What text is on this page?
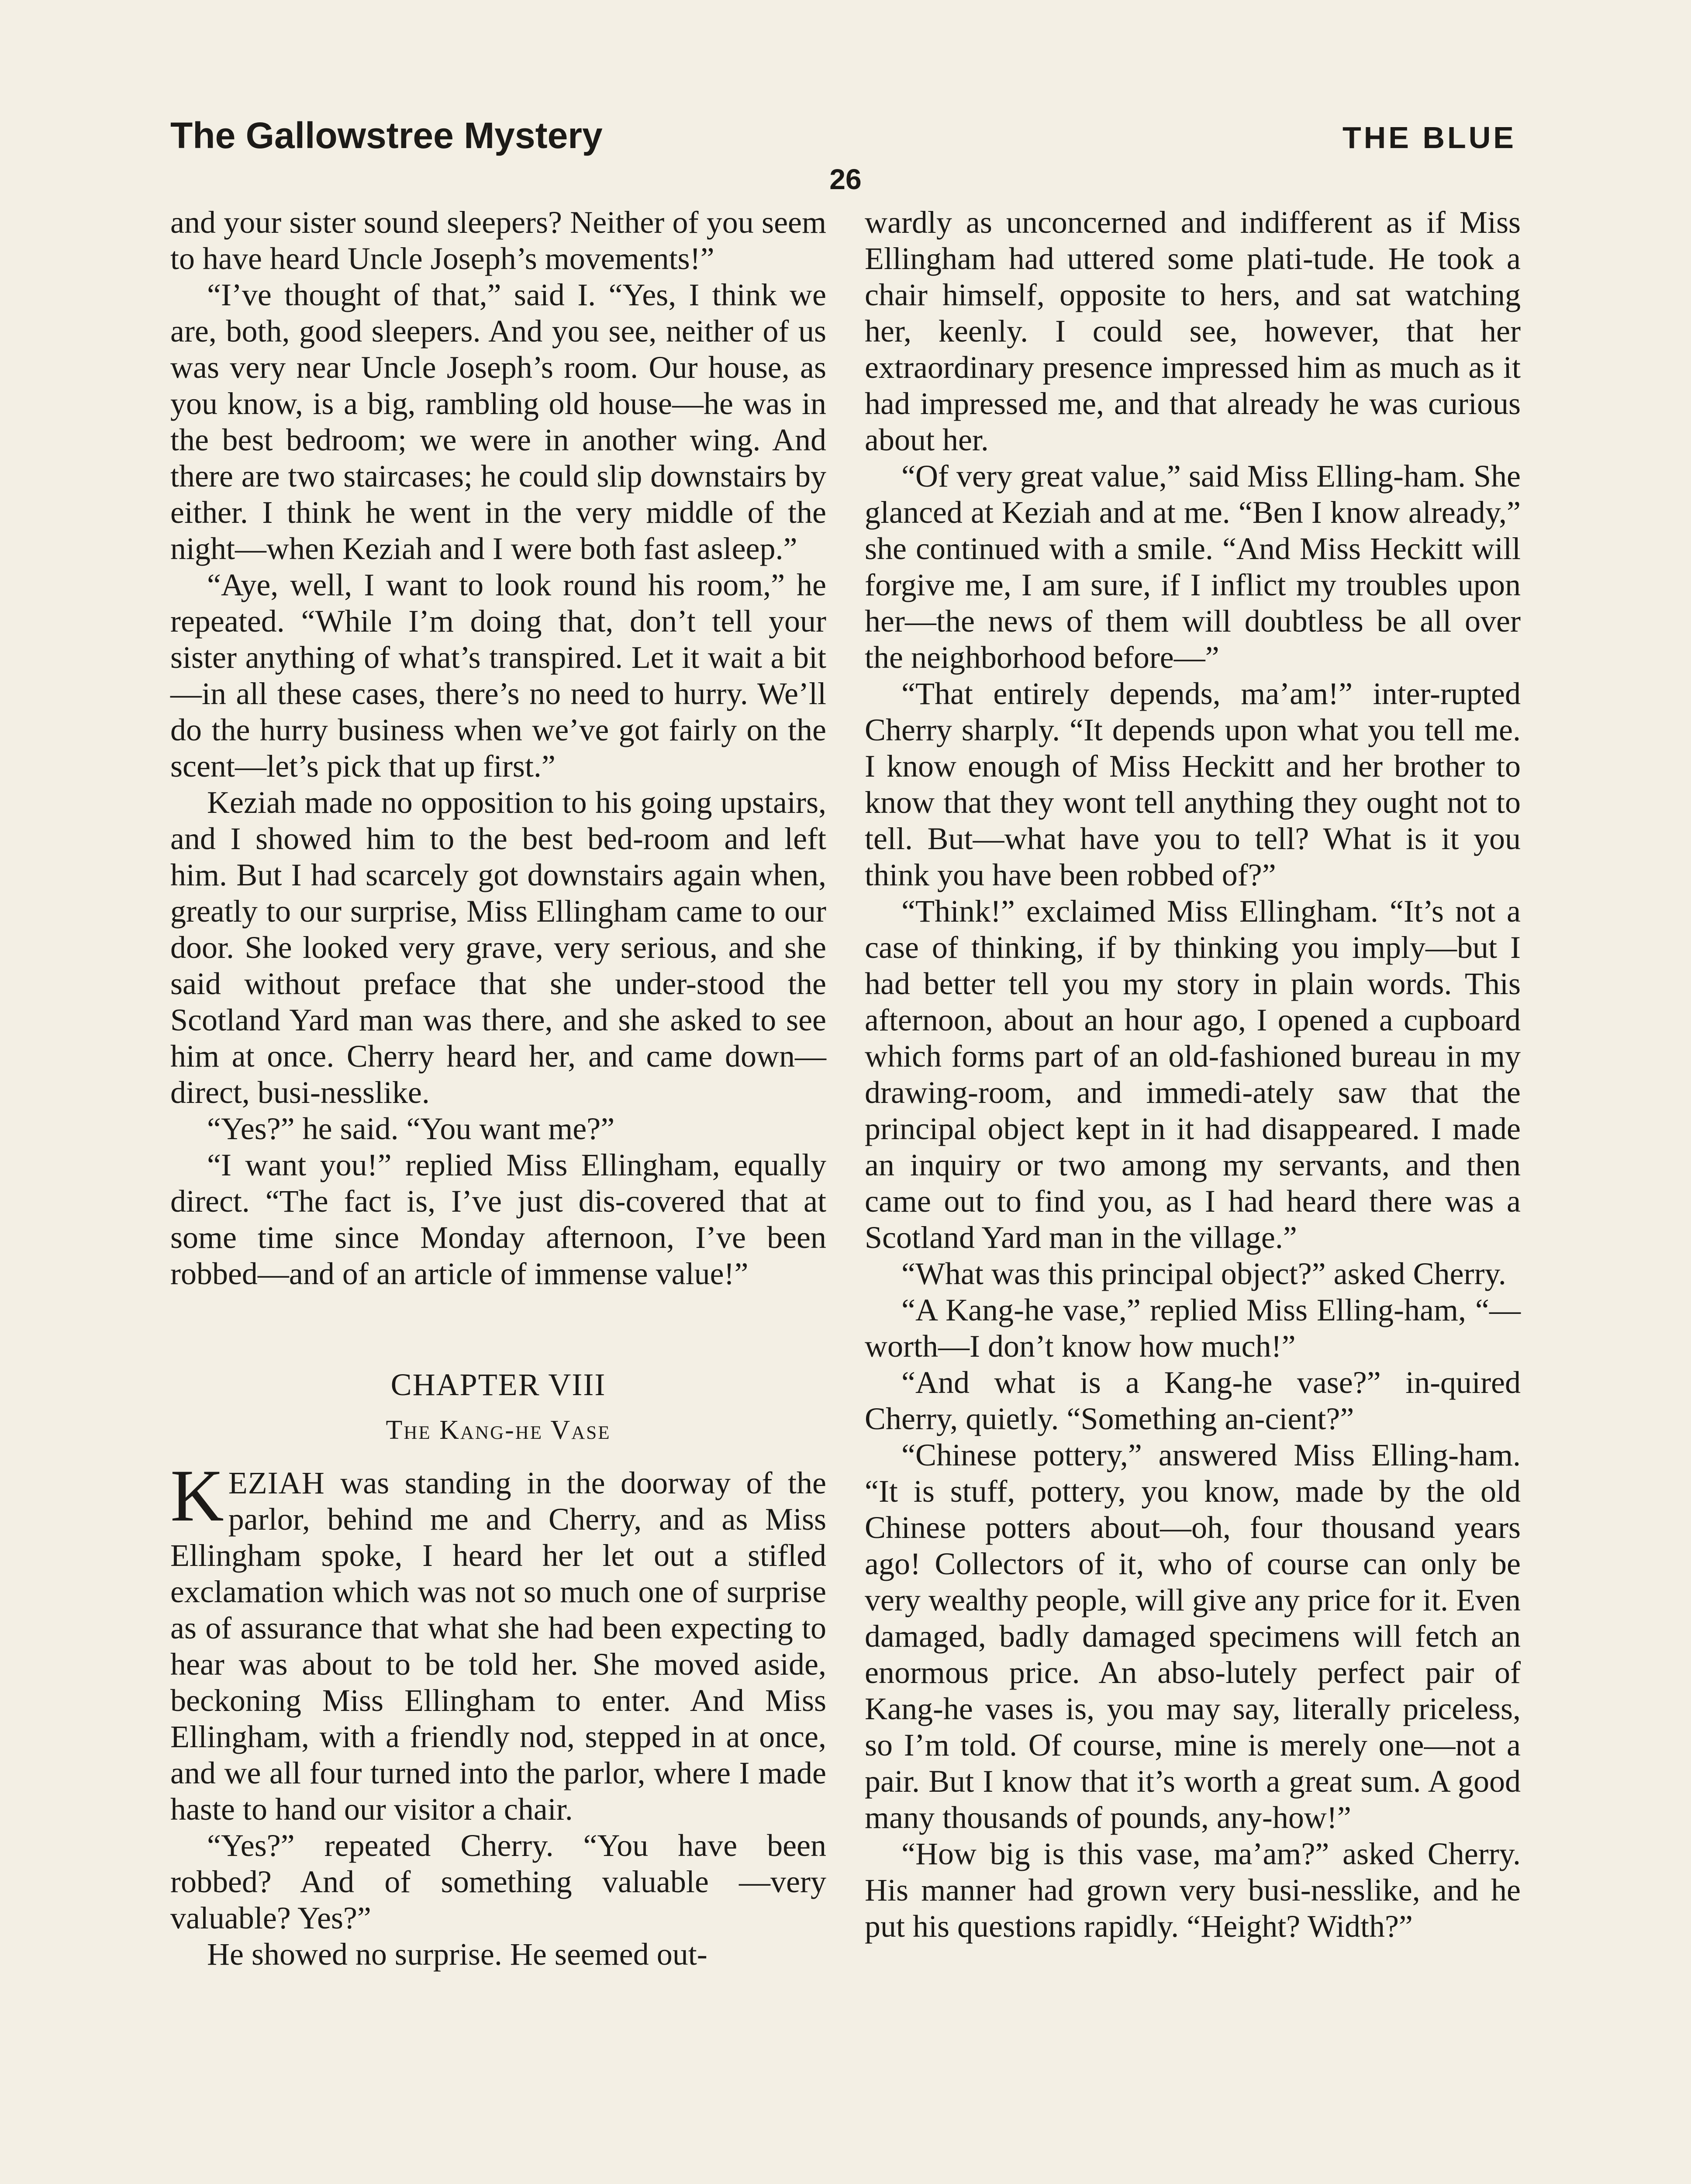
The Gallowstree Mystery	THE BLUE
26

and your sister sound sleepers? Neither of you seem to have heard Uncle Joseph’s movements!”

“I’ve thought of that,” said I. “Yes, I think we are, both, good sleepers. And you see, neither of us was very near Uncle Joseph’s room. Our house, as you know, is a big, rambling old house—he was in the best bedroom; we were in another wing. And there are two staircases; he could slip downstairs by either. I think he went in the very middle of the night—when Keziah and I were both fast asleep.”

“Aye, well, I want to look round his room,” he repeated. “While I’m doing that, don’t tell your sister anything of what’s transpired. Let it wait a bit—in all these cases, there’s no need to hurry. We’ll do the hurry business when we’ve got fairly on the scent—let’s pick that up first.”

Keziah made no opposition to his going upstairs, and I showed him to the best bed-room and left him. But I had scarcely got downstairs again when, greatly to our surprise, Miss Ellingham came to our door. She looked very grave, very serious, and she said without preface that she under-stood the Scotland Yard man was there, and she asked to see him at once. Cherry heard her, and came down—direct, busi-nesslike.

“Yes?” he said. “You want me?”

“I want you!” replied Miss Ellingham, equally direct. “The fact is, I’ve just dis-covered that at some time since Monday afternoon, I’ve been robbed—and of an article of immense value!”

CHAPTER VIII
The Kang-he Vase

KEZIAH was standing in the doorway of the parlor, behind me and Cherry, and as Miss Ellingham spoke, I heard her let out a stifled exclamation which was not so much one of surprise as of assurance that what she had been expecting to hear was about to be told her. She moved aside, beckoning Miss Ellingham to enter. And Miss Ellingham, with a friendly nod, stepped in at once, and we all four turned into the parlor, where I made haste to hand our visitor a chair.

“Yes?” repeated Cherry. “You have been robbed? And of something valuable —very valuable? Yes?”

He showed no surprise. He seemed out-

wardly as unconcerned and indifferent as if Miss Ellingham had uttered some plati-tude. He took a chair himself, opposite to hers, and sat watching her, keenly. I could see, however, that her extraordinary presence impressed him as much as it had impressed me, and that already he was curious about her.

“Of very great value,” said Miss Elling-ham. She glanced at Keziah and at me. “Ben I know already,” she continued with a smile. “And Miss Heckitt will forgive me, I am sure, if I inflict my troubles upon her—the news of them will doubtless be all over the neighborhood before—”

“That entirely depends, ma’am!” inter-rupted Cherry sharply. “It depends upon what you tell me. I know enough of Miss Heckitt and her brother to know that they wont tell anything they ought not to tell. But—what have you to tell? What is it you think you have been robbed of?”

“Think!” exclaimed Miss Ellingham. “It’s not a case of thinking, if by thinking you imply—but I had better tell you my story in plain words. This afternoon, about an hour ago, I opened a cupboard which forms part of an old-fashioned bureau in my drawing-room, and immedi-ately saw that the principal object kept in it had disappeared. I made an inquiry or two among my servants, and then came out to find you, as I had heard there was a Scotland Yard man in the village.”

“What was this principal object?” asked Cherry.

“A Kang-he vase,” replied Miss Elling-ham, “—worth—I don’t know how much!”

“And what is a Kang-he vase?” in-quired Cherry, quietly. “Something an-cient?”

“Chinese pottery,” answered Miss Elling-ham. “It is stuff, pottery, you know, made by the old Chinese potters about—oh, four thousand years ago! Collectors of it, who of course can only be very wealthy people, will give any price for it. Even damaged, badly damaged specimens will fetch an enormous price. An abso-lutely perfect pair of Kang-he vases is, you may say, literally priceless, so I’m told. Of course, mine is merely one—not a pair. But I know that it’s worth a great sum. A good many thousands of pounds, any-how!”

“How big is this vase, ma’am?” asked Cherry. His manner had grown very busi-nesslike, and he put his questions rapidly. “Height? Width?”
